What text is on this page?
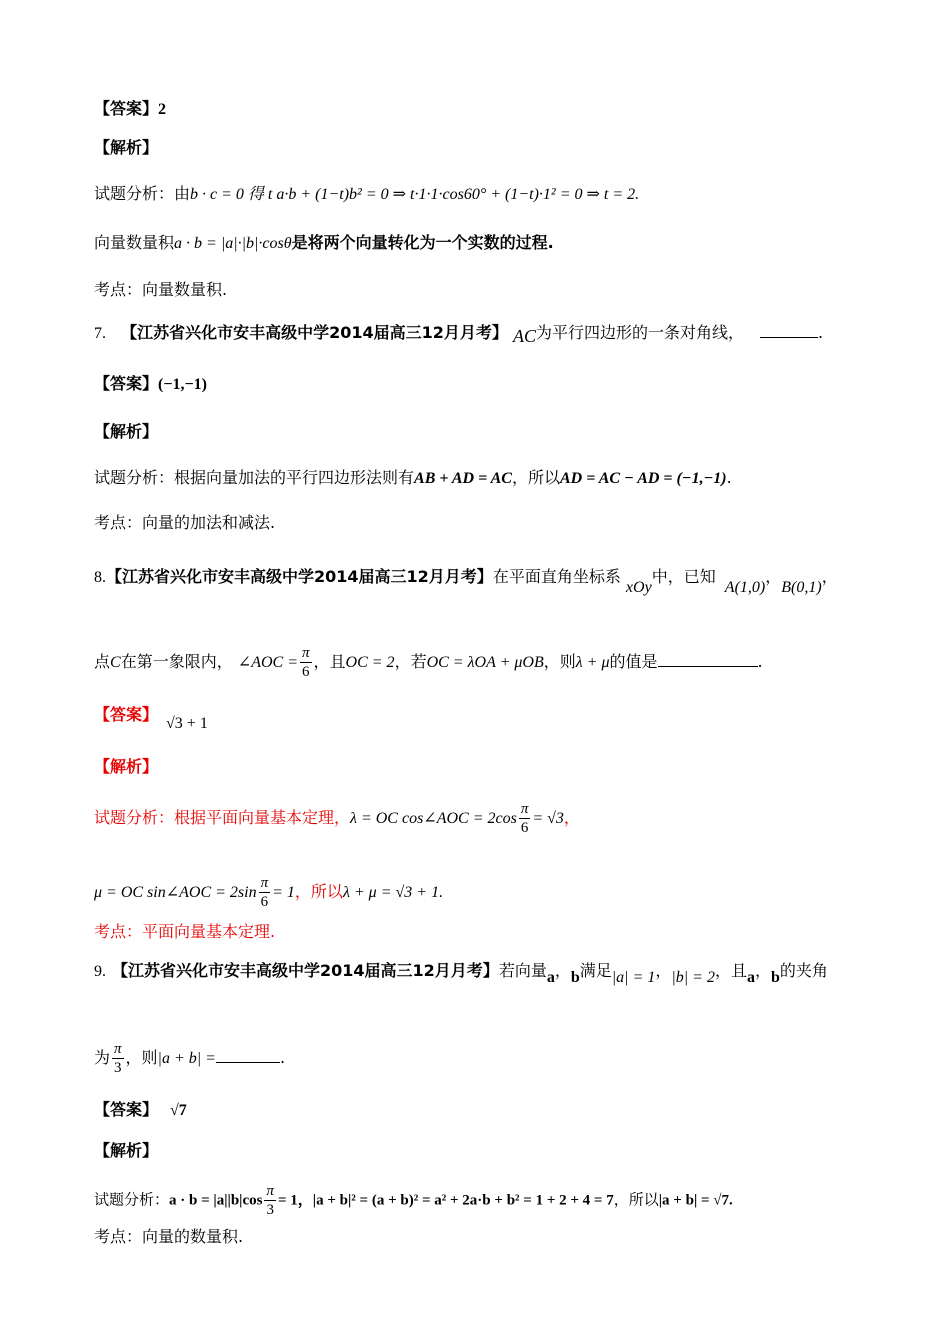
【答案】2
【解析】
试题分析：由b · c = 0 得 t a·b + (1−t)b² = 0 ⇒ t·1·1·cos60° + (1−t)·1² = 0 ⇒ t = 2.
向量数量积a · b = |a|·|b|·cosθ是将两个向量转化为一个实数的过程.
考点：向量数量积.
7. 【江苏省兴化市安丰高级中学2014届高三12月月考】 AC为平行四边形的一条对角线，	.
【答案】(−1,−1)
【解析】
试题分析：根据向量加法的平行四边形法则有AB + AD = AC，所以AD = AC − AD = (−1,−1).
考点：向量的加法和减法.
8.【江苏省兴化市安丰高级中学2014届高三12月月考】在平面直角坐标系 xOy中，已知 A(1,0)，B(0,1)，
点C在第一象限内， ∠AOC = $\frac{\pi}{6}$ ，且OC = 2，若OC = λOA + μOB，则λ + μ的值是	.
【答案】 √3 + 1
【解析】
试题分析：根据平面向量基本定理，λ = OC cos∠AOC = $2\cos \frac{\pi}{6} = √3$，
μ = OC sin∠AOC = $2\sin \frac{\pi}{6} = 1$，所以λ + μ = √3 + 1.
考点：平面向量基本定理.
9. 【江苏省兴化市安丰高级中学2014届高三12月月考】若向量a，b满足|a| = 1，|b| = 2，且a，b的夹角
为 $\frac{\pi}{3}$ ，则|a + b| =	.
【答案】 √7
【解析】
试题分析：$a \cdot b = |a||b|\cos \frac{\pi}{3} = 1$，|a + b|² = (a + b)² = a² + 2a·b + b² = 1 + 2 + 4 = 7，所以|a + b| = √7.
考点：向量的数量积.
